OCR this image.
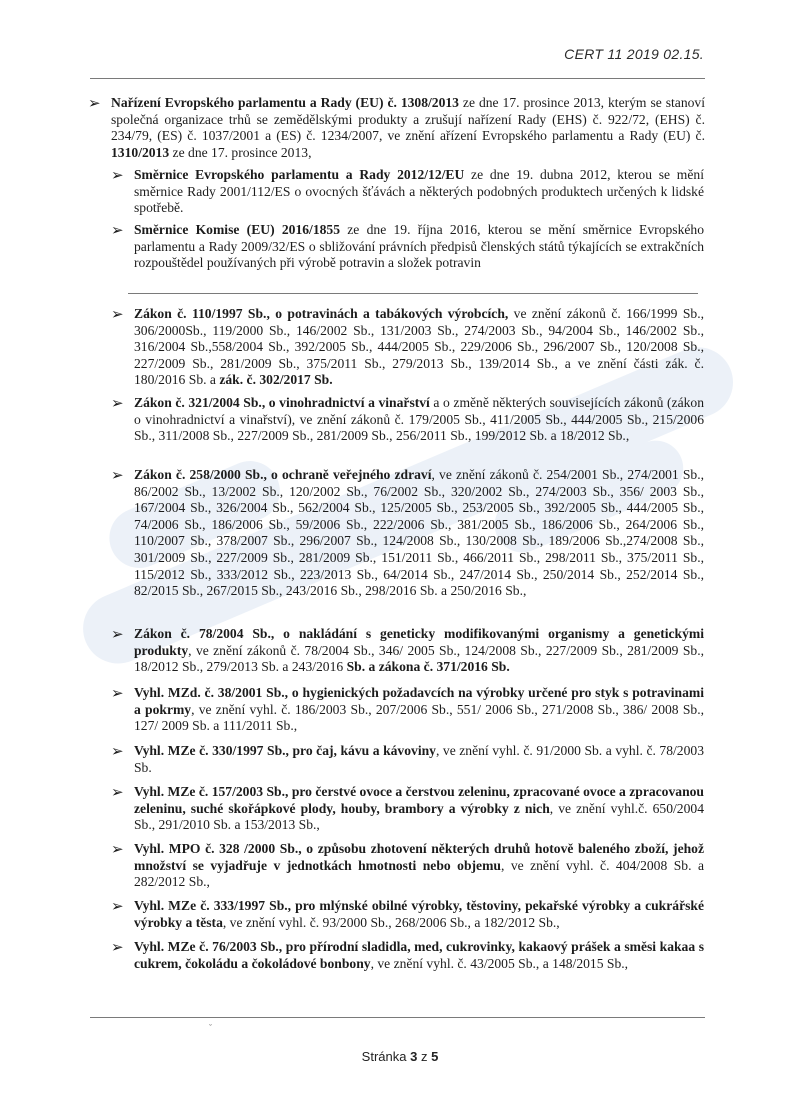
CERT 11 2019 02.15.
➢ Nařízení Evropského parlamentu a Rady (EU) č. 1308/2013 ze dne 17. prosince 2013, kterým se stanoví společná organizace trhů se zemědělskými produkty a zrušují nařízení Rady (EHS) č. 922/72, (EHS) č. 234/79, (ES) č. 1037/2001 a (ES) č. 1234/2007, ve znění ařízení Evropského parlamentu a Rady (EU) č. 1310/2013 ze dne 17. prosince 2013,
➢ Směrnice Evropského parlamentu a Rady 2012/12/EU ze dne 19. dubna 2012, kterou se mění směrnice Rady 2001/112/ES o ovocných šťávách a některých podobných produktech určených k lidské spotřebě.
➢ Směrnice Komise (EU) 2016/1855 ze dne 19. října 2016, kterou se mění směrnice Evropského parlamentu a Rady 2009/32/ES o sbližování právních předpisů členských států týkajících se extrakčních rozpouštědel používaných při výrobě potravin a složek potravin
➢ Zákon č. 110/1997 Sb., o potravinách a tabákových výrobcích, ve znění zákonů č. 166/1999 Sb., 306/2000Sb., 119/2000 Sb., 146/2002 Sb., 131/2003 Sb., 274/2003 Sb., 94/2004 Sb., 146/2002 Sb., 316/2004 Sb.,558/2004 Sb., 392/2005 Sb., 444/2005 Sb., 229/2006 Sb., 296/2007 Sb., 120/2008 Sb., 227/2009 Sb., 281/2009 Sb., 375/2011 Sb., 279/2013 Sb., 139/2014 Sb., a ve znění části zák. č. 180/2016 Sb. a zák. č. 302/2017 Sb.
➢ Zákon č. 321/2004 Sb., o vinohradnictví a vinařství a o změně některých souvisejících zákonů (zákon o vinohradnictví a vinařství), ve znění zákonů č. 179/2005 Sb., 411/2005 Sb., 444/2005 Sb., 215/2006 Sb., 311/2008 Sb., 227/2009 Sb., 281/2009 Sb., 256/2011 Sb., 199/2012 Sb. a 18/2012 Sb.,
➢ Zákon č. 258/2000 Sb., o ochraně veřejného zdraví, ve znění zákonů č. 254/2001 Sb., 274/2001 Sb., 86/2002 Sb., 13/2002 Sb., 120/2002 Sb., 76/2002 Sb., 320/2002 Sb., 274/2003 Sb., 356/ 2003 Sb., 167/2004 Sb., 326/2004 Sb., 562/2004 Sb., 125/2005 Sb., 253/2005 Sb., 392/2005 Sb., 444/2005 Sb., 74/2006 Sb., 186/2006 Sb., 59/2006 Sb., 222/2006 Sb., 381/2005 Sb., 186/2006 Sb., 264/2006 Sb., 110/2007 Sb., 378/2007 Sb., 296/2007 Sb., 124/2008 Sb., 130/2008 Sb., 189/2006 Sb.,274/2008 Sb., 301/2009 Sb., 227/2009 Sb., 281/2009 Sb., 151/2011 Sb., 466/2011 Sb., 298/2011 Sb., 375/2011 Sb., 115/2012 Sb., 333/2012 Sb., 223/2013 Sb., 64/2014 Sb., 247/2014 Sb., 250/2014 Sb., 252/2014 Sb., 82/2015 Sb., 267/2015 Sb., 243/2016 Sb., 298/2016 Sb. a 250/2016 Sb.,
➢ Zákon č. 78/2004 Sb., o nakládání s geneticky modifikovanými organismy a genetickými produkty, ve znění zákonů č. 78/2004 Sb., 346/ 2005 Sb., 124/2008 Sb., 227/2009 Sb., 281/2009 Sb., 18/2012 Sb., 279/2013 Sb. a 243/2016 Sb. a zákona č. 371/2016 Sb.
➢ Vyhl. MZd. č. 38/2001 Sb., o hygienických požadavcích na výrobky určené pro styk s potravinami a pokrmy, ve znění vyhl. č. 186/2003 Sb., 207/2006 Sb., 551/ 2006 Sb., 271/2008 Sb., 386/ 2008 Sb., 127/ 2009 Sb. a 111/2011 Sb.,
➢ Vyhl. MZe č. 330/1997 Sb., pro čaj, kávu a kávoviny, ve znění vyhl. č. 91/2000 Sb. a vyhl. č. 78/2003 Sb.
➢ Vyhl. MZe č. 157/2003 Sb., pro čerstvé ovoce a čerstvou zeleninu, zpracované ovoce a zpracovanou zeleninu, suché skořápkové plody, houby, brambory a výrobky z nich, ve znění vyhl.č. 650/2004 Sb., 291/2010 Sb. a 153/2013 Sb.,
➢ Vyhl. MPO č. 328 /2000 Sb., o způsobu zhotovení některých druhů hotově baleného zboží, jehož množství se vyjadřuje v jednotkách hmotnosti nebo objemu, ve znění vyhl. č. 404/2008 Sb. a 282/2012 Sb.,
➢ Vyhl. MZe č. 333/1997 Sb., pro mlýnské obilné výrobky, těstoviny, pekařské výrobky a cukrářské výrobky a těsta, ve znění vyhl. č. 93/2000 Sb., 268/2006 Sb., a 182/2012 Sb.,
➢ Vyhl. MZe č. 76/2003 Sb., pro přírodní sladidla, med, cukrovinky, kakaový prášek a směsi kakaa s cukrem, čokoládu a čokoládové bonbony, ve znění vyhl. č. 43/2005 Sb., a 148/2015 Sb.,
ˇ
Stránka 3 z 5
